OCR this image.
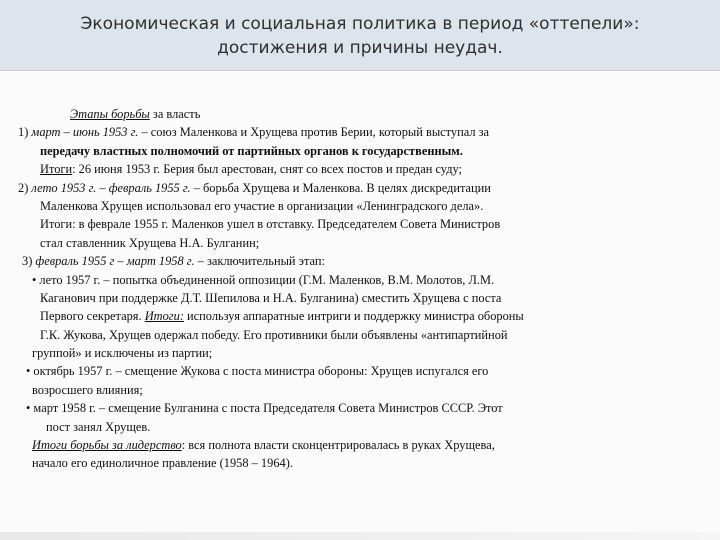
Экономическая и социальная политика в период «оттепели»:
достижения и причины неудач.
Этапы борьбы за власть
1) март – июнь 1953 г. – союз Маленкова и Хрущева против Берии, который выступал за
передачу властных полномочий от партийных органов к государственным.
Итоги: 26 июня 1953 г. Берия был арестован, снят со всех постов и предан суду;
2) лето 1953 г. – февраль 1955 г. – борьба Хрущева и Маленкова. В целях дискредитации
Маленкова Хрущев использовал его участие в организации «Ленинградского дела».
Итоги: в феврале 1955 г. Маленков ушел в отставку. Председателем Совета Министров
стал ставленник Хрущева Н.А. Булганин;
3) февраль 1955 г – март 1958 г. – заключительный этап:
• лето 1957 г. – попытка объединенной оппозиции (Г.М. Маленков, В.М. Молотов, Л.М.
Каганович при поддержке Д.Т. Шепилова и Н.А. Булганина) сместить Хрущева с поста
Первого секретаря. Итоги: используя аппаратные интриги и поддержку министра обороны
Г.К. Жукова, Хрущев одержал победу. Его противники были объявлены «антипартийной
группой» и исключены из партии;
• октябрь 1957 г. – смещение Жукова с поста министра обороны: Хрущев испугался его
возросшего влияния;
• март 1958 г. – смещение Булганина с поста Председателя Совета Министров СССР. Этот
пост занял Хрущев.
Итоги борьбы за лидерство: вся полнота власти сконцентрировалась в руках Хрущева,
начало его единоличное правление (1958 – 1964).
